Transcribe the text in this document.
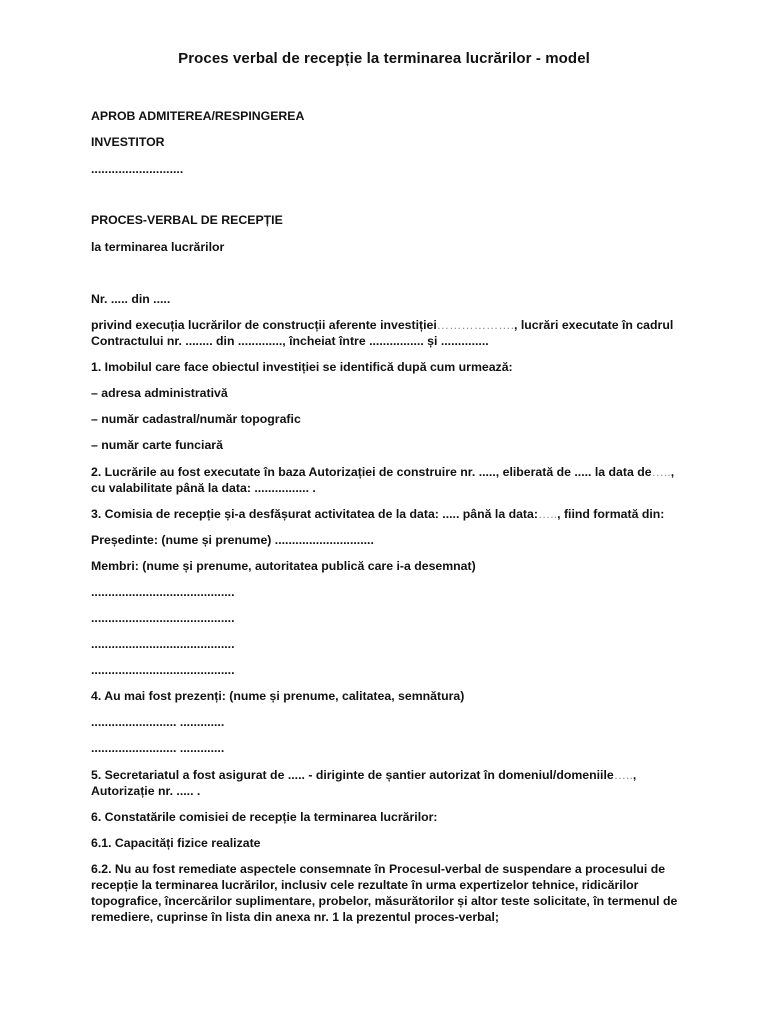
Proces verbal de recepție la terminarea lucrărilor - model
APROB ADMITEREA/RESPINGEREA
INVESTITOR
...........................
PROCES-VERBAL DE RECEPȚIE
la terminarea lucrărilor
Nr. ..... din .....
privind execuția lucrărilor de construcții aferente investiției………………., lucrări executate în cadrul
Contractului nr. ........ din ............., încheiat între ................ și ..............
1. Imobilul care face obiectul investiției se identifică după cum urmează:
– adresa administrativă
– număr cadastral/număr topografic
– număr carte funciară
2. Lucrările au fost executate în baza Autorizației de construire nr. ....., eliberată de ..... la data de…..,
cu valabilitate până la data: ................ .
3. Comisia de recepție și-a desfășurat activitatea de la data: ..... până la data:….., fiind formată din:
Președinte: (nume și prenume) .............................
Membri: (nume și prenume, autoritatea publică care i-a desemnat)
..........................................
..........................................
..........................................
..........................................
4. Au mai fost prezenți: (nume și prenume, calitatea, semnătura)
......................... .............
......................... .............
5. Secretariatul a fost asigurat de ..... - diriginte de șantier autorizat în domeniul/domeniile…..,
Autorizație nr. ..... .
6. Constatările comisiei de recepție la terminarea lucrărilor:
6.1. Capacități fizice realizate
6.2. Nu au fost remediate aspectele consemnate în Procesul-verbal de suspendare a procesului de
recepție la terminarea lucrărilor, inclusiv cele rezultate în urma expertizelor tehnice, ridicărilor
topografice, încercărilor suplimentare, probelor, măsurătorilor și altor teste solicitate, în termenul de
remediere, cuprinse în lista din anexa nr. 1 la prezentul proces-verbal;
